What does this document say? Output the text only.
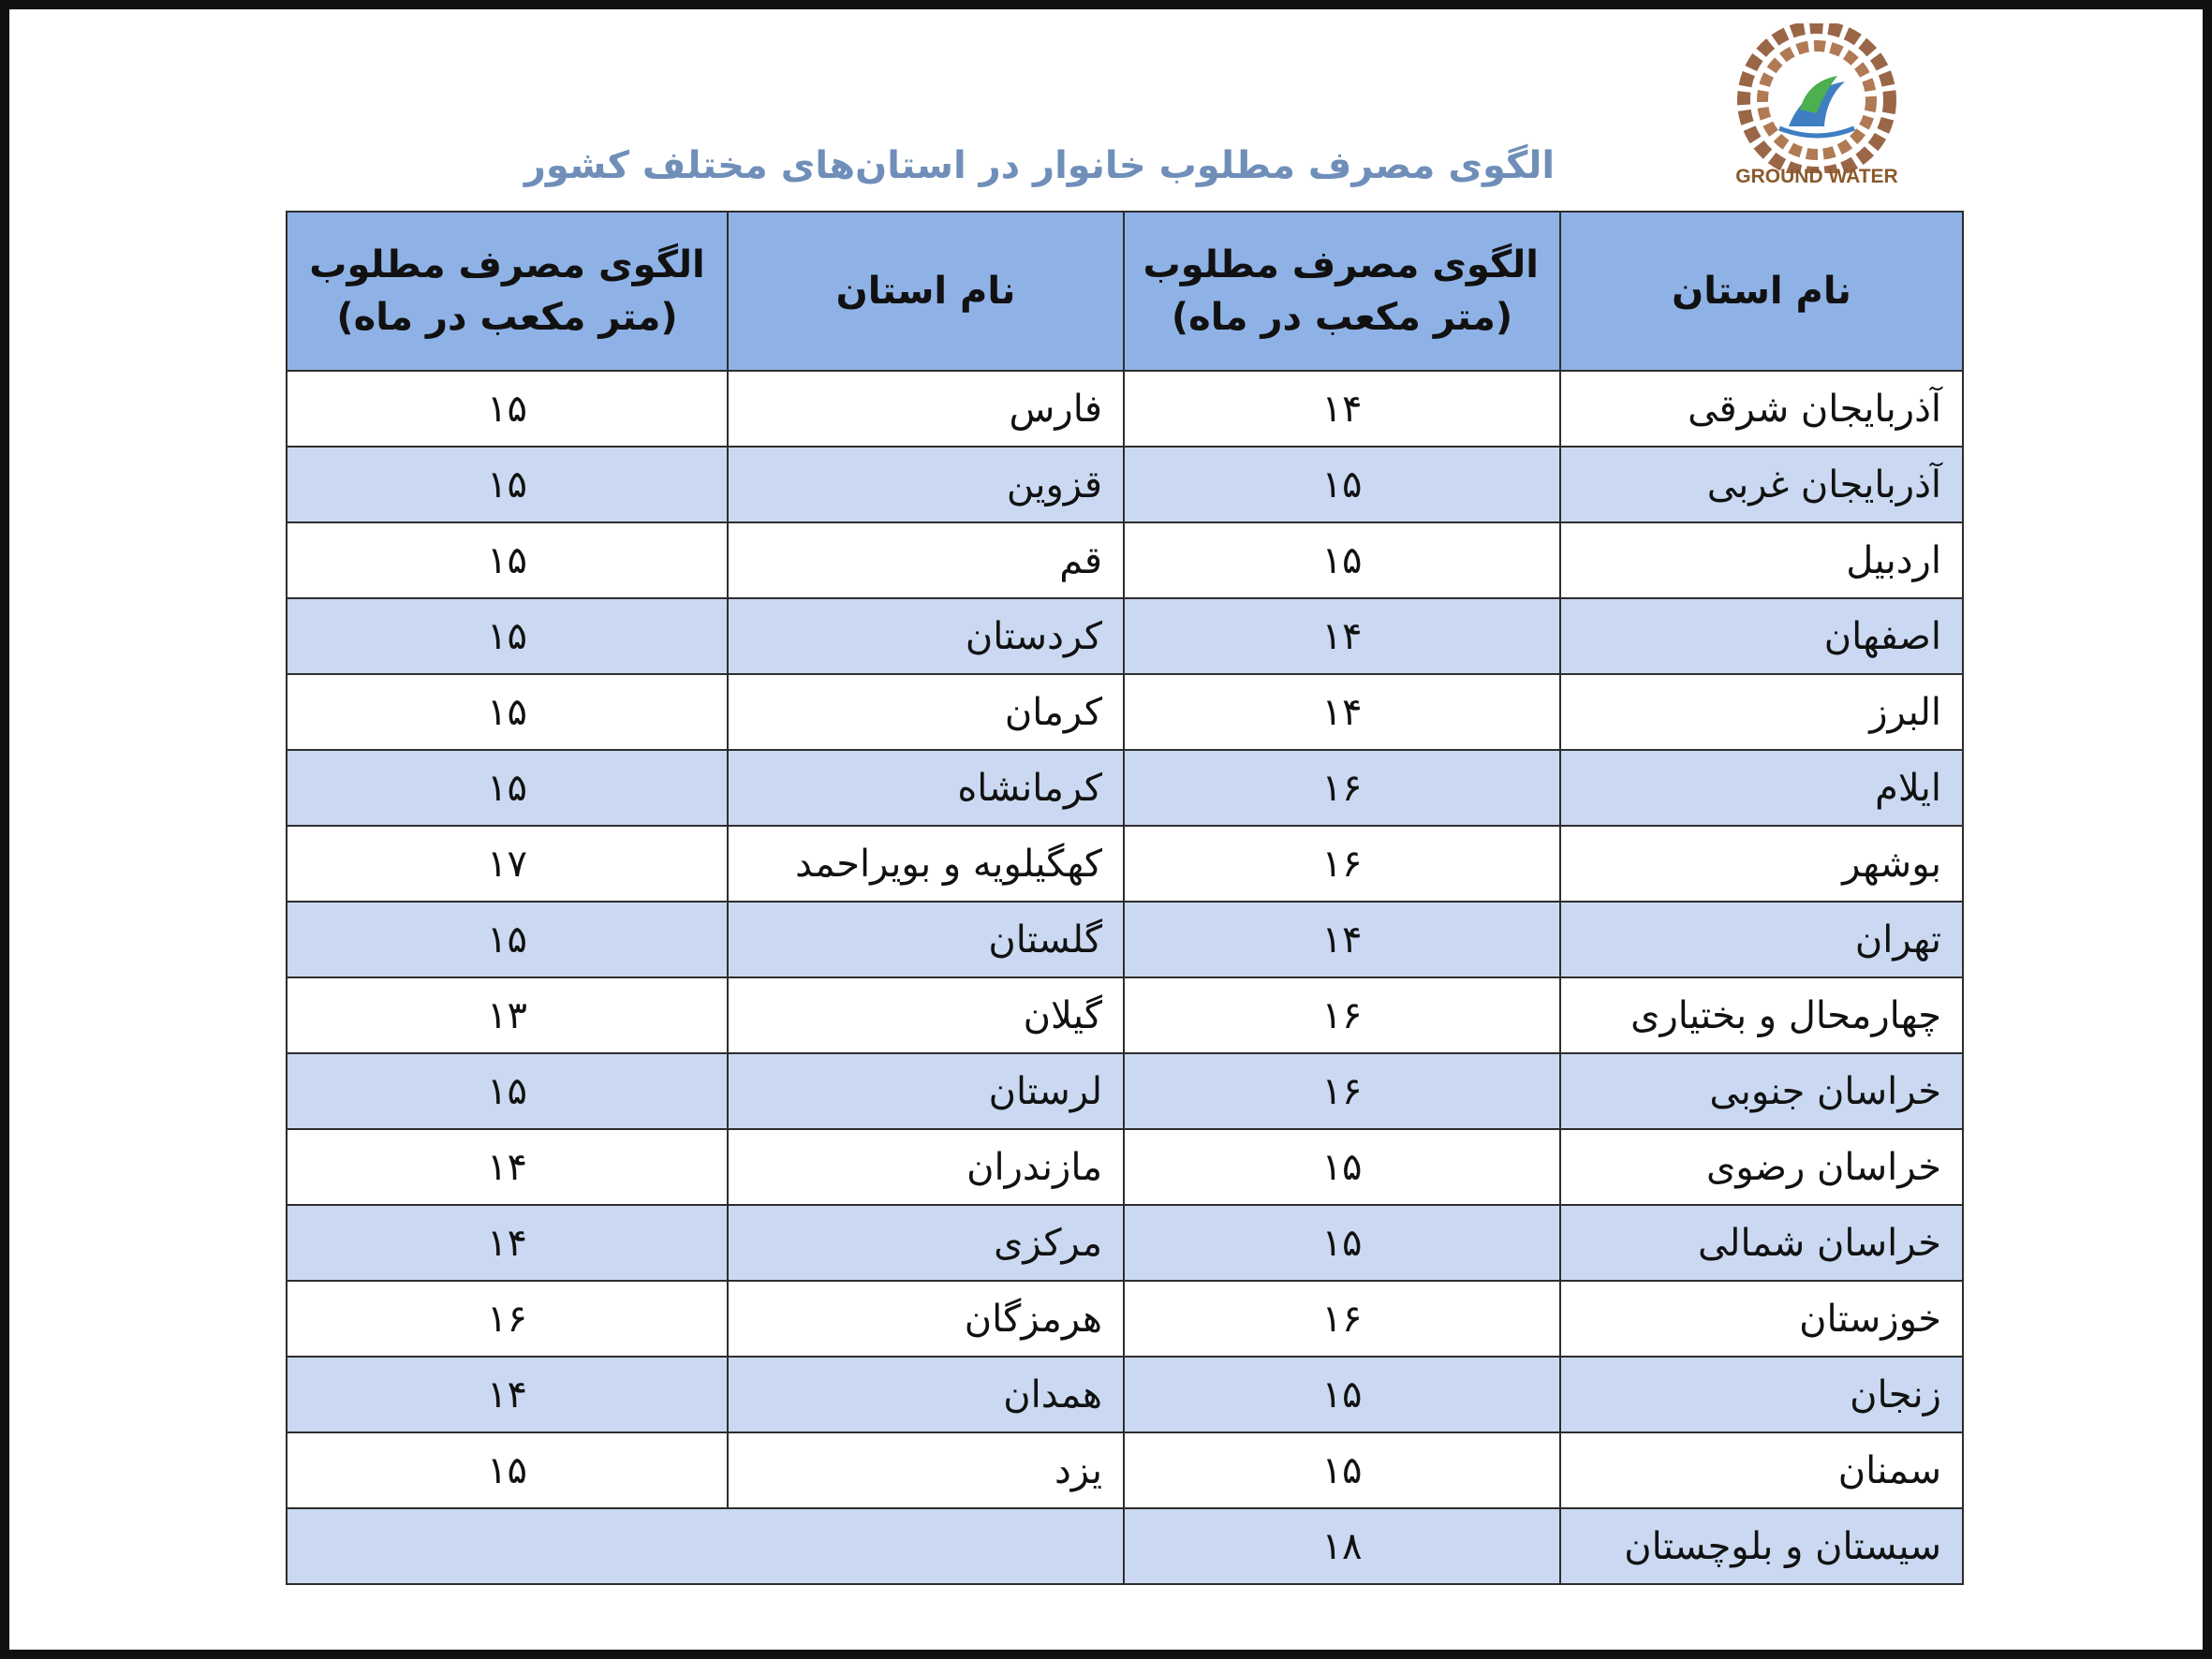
GROUND WATER
الگوی مصرف مطلوب خانوار در استان‌های مختلف کشور
نام استان	الگوی مصرف مطلوب
(متر مکعب در ماه)	نام استان	الگوی مصرف مطلوب
(متر مکعب در ماه)
آذربایجان شرقی	۱۴	فارس	۱۵
آذربایجان غربی	۱۵	قزوین	۱۵
اردبیل	۱۵	قم	۱۵
اصفهان	۱۴	کردستان	۱۵
البرز	۱۴	کرمان	۱۵
ایلام	۱۶	کرمانشاه	۱۵
بوشهر	۱۶	کهگیلویه و بویراحمد	۱۷
تهران	۱۴	گلستان	۱۵
چهارمحال و بختیاری	۱۶	گیلان	۱۳
خراسان جنوبی	۱۶	لرستان	۱۵
خراسان رضوی	۱۵	مازندران	۱۴
خراسان شمالی	۱۵	مرکزی	۱۴
خوزستان	۱۶	هرمزگان	۱۶
زنجان	۱۵	همدان	۱۴
سمنان	۱۵	یزد	۱۵
سیستان و بلوچستان	۱۸		
